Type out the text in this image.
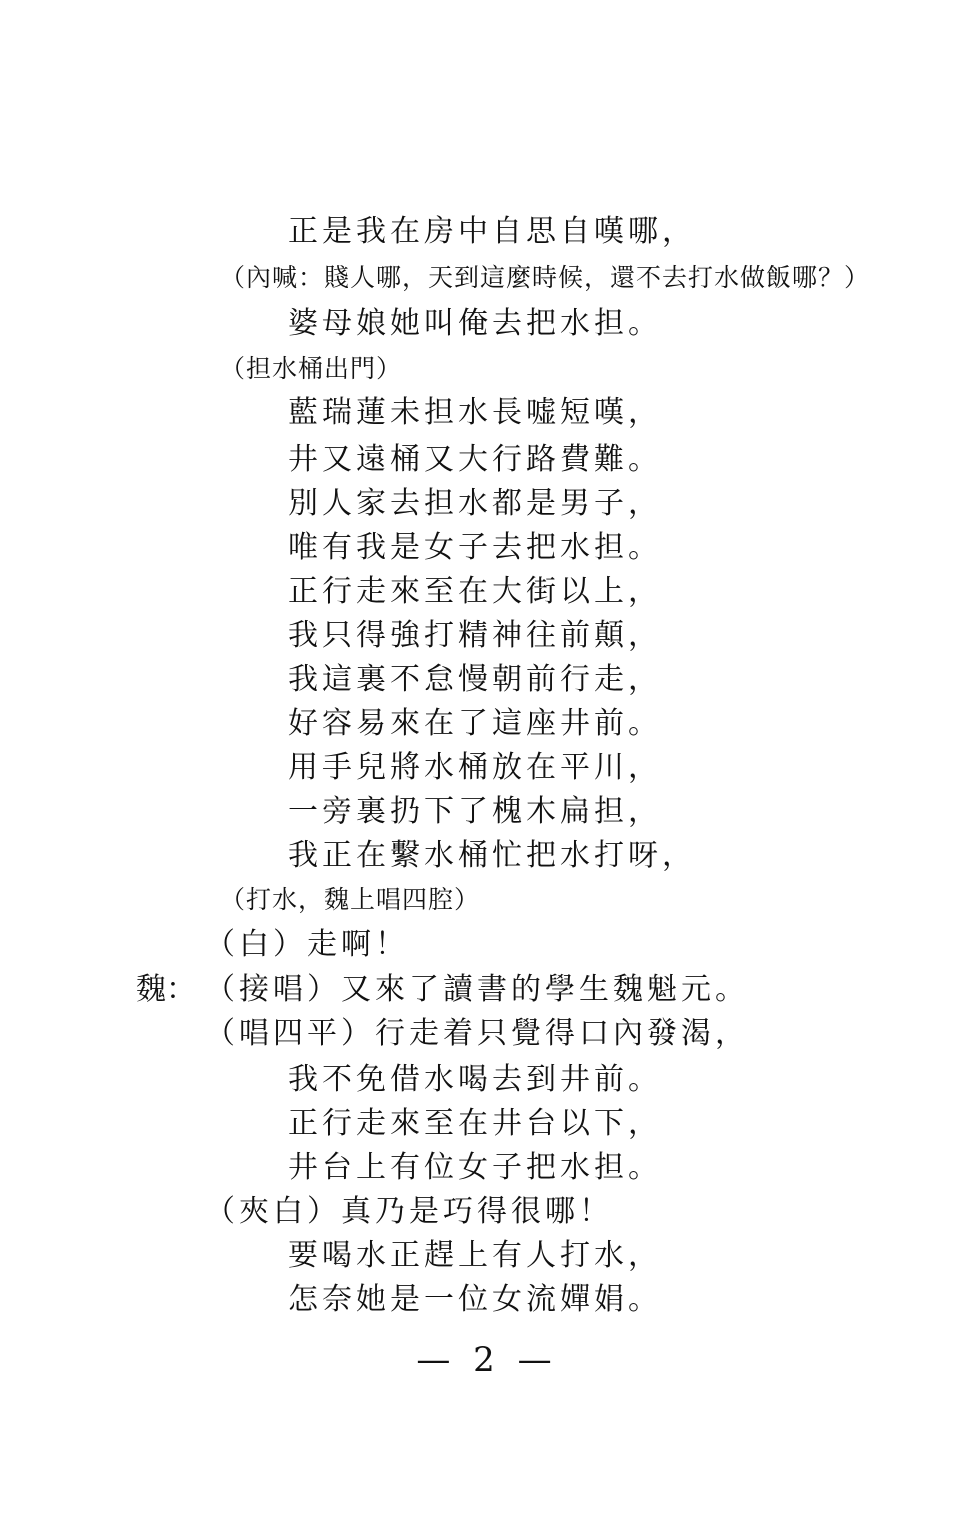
正是我在房中自思自嘆哪，
（內喊：賤人哪，天到這麼時候，還不去打水做飯哪？）
婆母娘她叫俺去把水担。
（担水桶出門）
藍瑞蓮未担水長嘘短嘆，
井又遠桶又大行路費難。
別人家去担水都是男子，
唯有我是女子去把水担。
正行走來至在大街以上，
我只得強打精神往前顛，
我這裏不怠慢朝前行走，
好容易來在了這座井前。
用手兒將水桶放在平川，
一旁裏扔下了槐木扁担，
我正在繫水桶忙把水打呀，
（打水，魏上唱四腔）
（白）走啊！
魏： （接唱）又來了讀書的學生魏魁元。
（唱四平）行走着只覺得口內發渴，
我不免借水喝去到井前。
正行走來至在井台以下，
井台上有位女子把水担。
（夾白）真乃是巧得很哪！
要喝水正趕上有人打水，
怎奈她是一位女流嬋娟。
— 2 —
